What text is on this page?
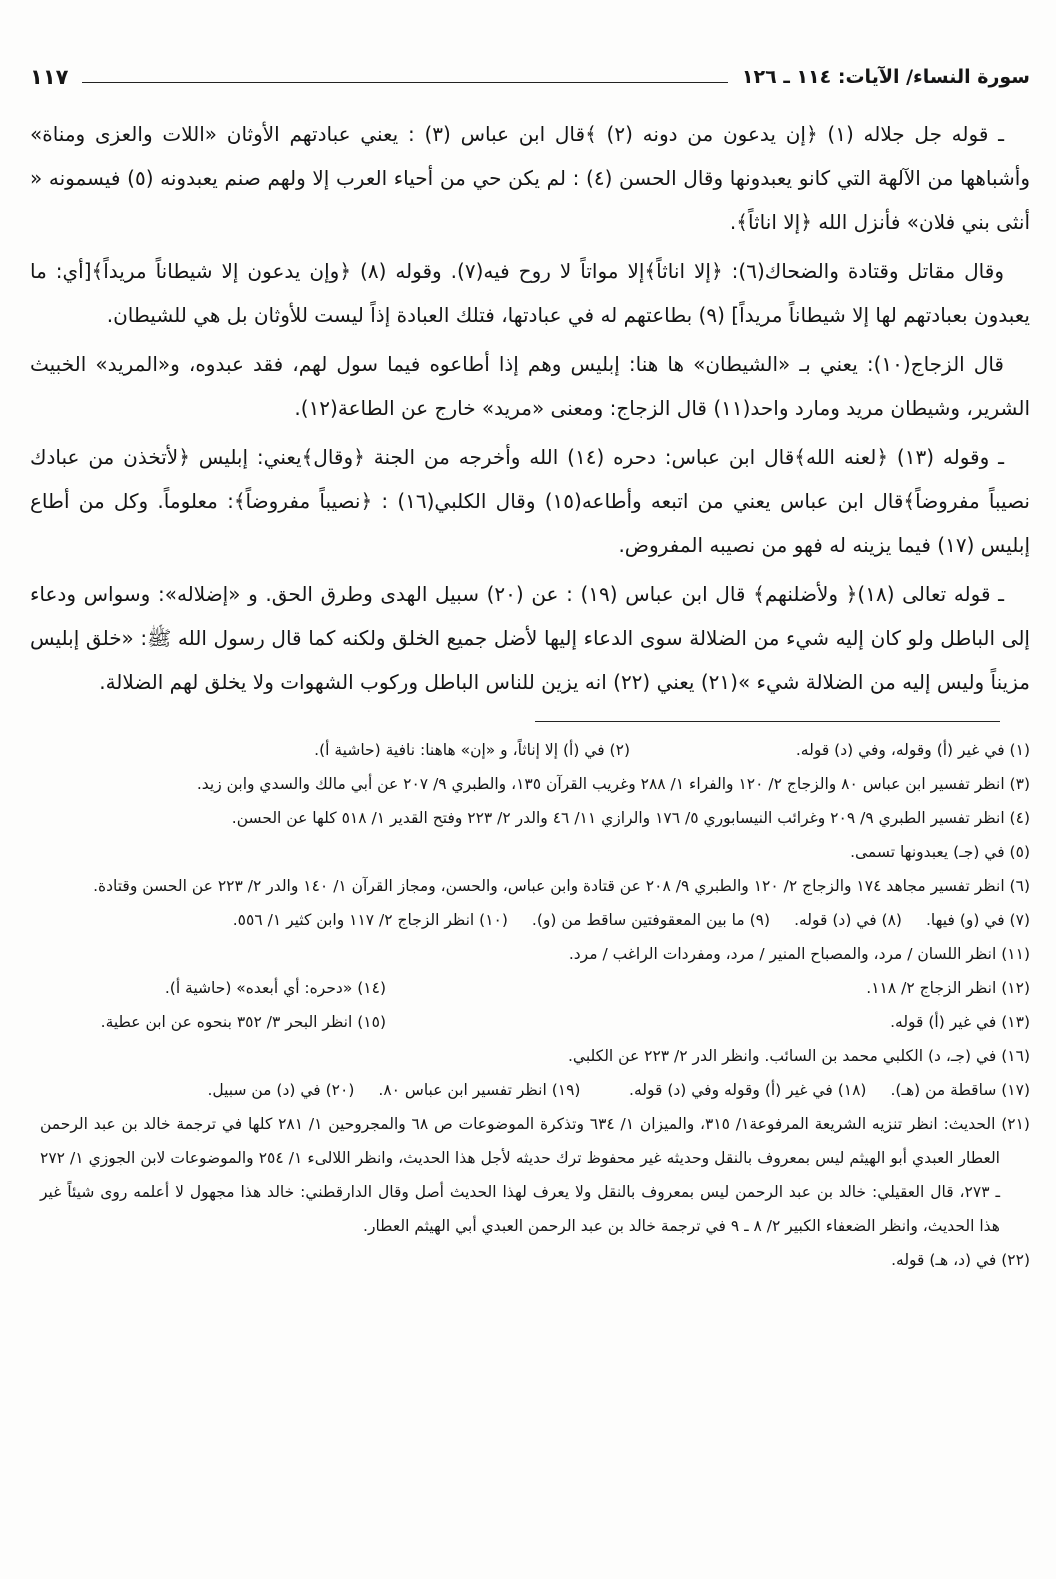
سورة النساء/ الآيات: ١١٤ ـ ١٢٦
١١٧

ـ قوله جل جلاله (١) ﴿إن يدعون من دونه (٢) ﴾قال ابن عباس (٣) : يعني عبادتهم الأوثان «اللات والعزى ومناة» وأشباهها من الآلهة التي كانو يعبدونها وقال الحسن (٤) : لم يكن حي من أحياء العرب إلا ولهم صنم يعبدونه (٥) فيسمونه « أنثى بني فلان» فأنزل الله ﴿إلا اناثاً﴾.

وقال مقاتل وقتادة والضحاك(٦): ﴿إلا اناثاً﴾إلا مواتاً لا روح فيه(٧). وقوله (٨) ﴿وإن يدعون إلا شيطاناً مريداً﴾[أي: ما يعبدون بعبادتهم لها إلا شيطاناً مريداً] (٩) بطاعتهم له في عبادتها، فتلك العبادة إذاً ليست للأوثان بل هي للشيطان.

قال الزجاج(١٠): يعني بـ «الشيطان» ها هنا: إبليس وهم إذا أطاعوه فيما سول لهم، فقد عبدوه، و«المريد» الخبيث الشرير، وشيطان مريد ومارد واحد(١١) قال الزجاج: ومعنى «مريد» خارج عن الطاعة(١٢).

ـ وقوله (١٣) ﴿لعنه الله﴾قال ابن عباس: دحره (١٤) الله وأخرجه من الجنة ﴿وقال﴾يعني: إبليس ﴿لأتخذن من عبادك نصيباً مفروضاً﴾قال ابن عباس يعني من اتبعه وأطاعه(١٥) وقال الكلبي(١٦) : ﴿نصيباً مفروضاً﴾: معلوماً. وكل من أطاع إبليس (١٧) فيما يزينه له فهو من نصيبه المفروض.

ـ قوله تعالى (١٨)﴿ ولأضلنهم﴾ قال ابن عباس (١٩) : عن (٢٠) سبيل الهدى وطرق الحق. و «إضلاله»: وسواس ودعاء إلى الباطل ولو كان إليه شيء من الضلالة سوى الدعاء إليها لأضل جميع الخلق ولكنه كما قال رسول الله ﷺ: «خلق إبليس مزيناً وليس إليه من الضلالة شيء »(٢١) يعني (٢٢) انه يزين للناس الباطل وركوب الشهوات ولا يخلق لهم الضلالة.

(١) في غير (أ) وقوله، وفي (د) قوله.
(٢) في (أ) إلا إناثاً، و «إن» هاهنا: نافية (حاشية أ).
(٣) انظر تفسير ابن عباس ٨٠ والزجاج ٢/ ١٢٠ والفراء ١/ ٢٨٨ وغريب القرآن ١٣٥، والطبري ٩/ ٢٠٧ عن أبي مالك والسدي وابن زيد.
(٤) انظر تفسير الطبري ٩/ ٢٠٩ وغرائب النيسابوري ٥/ ١٧٦ والرازي ١١/ ٤٦ والدر ٢/ ٢٢٣ وفتح القدير ١/ ٥١٨ كلها عن الحسن.
(٥) في (جـ) يعبدونها تسمى.
(٦) انظر تفسير مجاهد ١٧٤ والزجاج ٢/ ١٢٠ والطبري ٩/ ٢٠٨ عن قتادة وابن عباس، والحسن، ومجاز القرآن ١/ ١٤٠ والدر ٢/ ٢٢٣ عن الحسن وقتادة.
(٧) في (و) فيها.
(٨) في (د) قوله.
(٩) ما بين المعقوفتين ساقط من (و).
(١٠) انظر الزجاج ٢/ ١١٧ وابن كثير ١/ ٥٥٦.
(١١) انظر اللسان / مرد، والمصباح المنير / مرد، ومفردات الراغب / مرد.
(١٢) انظر الزجاج ٢/ ١١٨.
(١٤) «دحره: أي أبعده» (حاشية أ).
(١٣) في غير (أ) قوله.
(١٥) انظر البحر ٣/ ٣٥٢ بنحوه عن ابن عطية.
(١٦) في (جـ، د) الكلبي محمد بن السائب. وانظر الدر ٢/ ٢٢٣ عن الكلبي.
(١٧) ساقطة من (هـ).
(١٨) في غير (أ) وقوله وفي (د) قوله.
(١٩) انظر تفسير ابن عباس ٨٠.
(٢٠) في (د) من سبيل.
(٢١) الحديث: انظر تنزيه الشريعة المرفوعة١/ ٣١٥، والميزان ١/ ٦٣٤ وتذكرة الموضوعات ص ٦٨ والمجروحين ١/ ٢٨١ كلها في ترجمة خالد بن عبد الرحمن العطار العبدي أبو الهيثم ليس بمعروف بالنقل وحديثه غير محفوظ ترك حديثه لأجل هذا الحديث، وانظر اللالىء ١/ ٢٥٤ والموضوعات لابن الجوزي ١/ ٢٧٢ ـ ٢٧٣، قال العقيلي: خالد بن عبد الرحمن ليس بمعروف بالنقل ولا يعرف لهذا الحديث أصل وقال الدارقطني: خالد هذا مجهول لا أعلمه روى شيئاً غير هذا الحديث، وانظر الضعفاء الكبير ٢/ ٨ ـ ٩ في ترجمة خالد بن عبد الرحمن العبدي أبي الهيثم العطار.
(٢٢) في (د، هـ) قوله.
